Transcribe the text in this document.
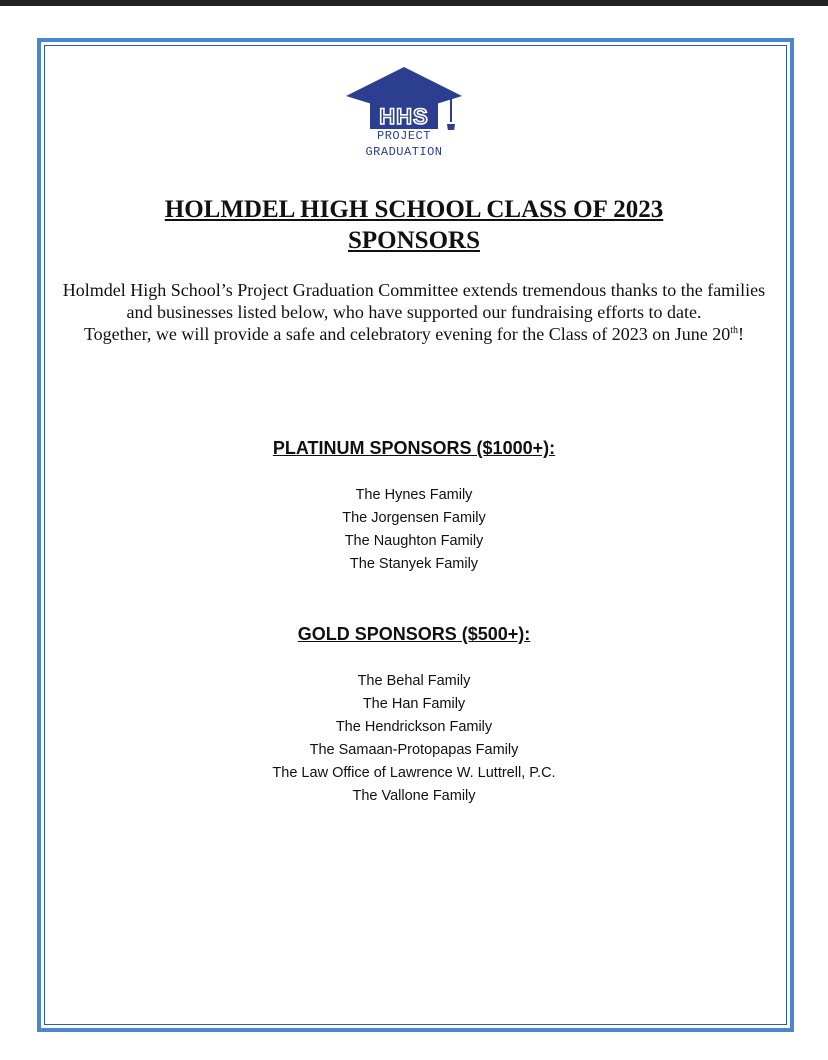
HHS
PROJECT
GRADUATION
HOLMDEL HIGH SCHOOL CLASS OF 2023
SPONSORS

Holmdel High School’s Project Graduation Committee extends tremendous thanks to the families and businesses listed below, who have supported our fundraising efforts to date.

Together, we will provide a safe and celebratory evening for the Class of 2023 on June 20th!

PLATINUM SPONSORS ($1000+):
The Hynes Family
The Jorgensen Family
The Naughton Family
The Stanyek Family
GOLD SPONSORS ($500+):
The Behal Family
The Han Family
The Hendrickson Family
The Samaan-Protopapas Family
The Law Office of Lawrence W. Luttrell, P.C.
The Vallone Family
